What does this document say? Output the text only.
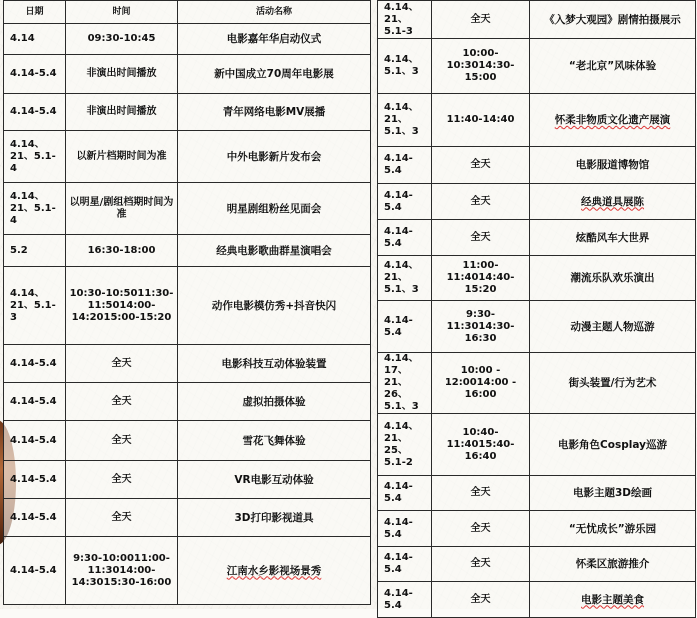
日期	时间	活动名称
4.14	09:30-10:45	电影嘉年华启动仪式
4.14-5.4	非演出时间播放	新中国成立70周年电影展
4.14-5.4	非演出时间播放	青年网络电影MV展播
4.14、21、5.1-4	以新片档期时间为准	中外电影新片发布会
4.14、21、5.1-4	以明星/剧组档期时间为准	明星剧组粉丝见面会
5.2	16:30-18:00	经典电影歌曲群星演唱会
4.14、21、5.1-3	10:30-10:5011:30-11:5014:00-14:2015:00-15:20	动作电影模仿秀+抖音快闪
4.14-5.4	全天	电影科技互动体验装置
4.14-5.4	全天	虚拟拍摄体验
4.14-5.4	全天	雪花飞舞体验
4.14-5.4	全天	VR电影互动体验
4.14-5.4	全天	3D打印影视道具
4.14-5.4	9:30-10:0011:00-11:3014:00-14:3015:30-16:00	江南水乡影视场景秀
4.14、21、5.1-3	全天	《入梦大观园》剧情拍摄展示
4.14、5.1、3	10:00-10:3014:30-15:00	“老北京”风味体验
4.14、21、5.1、3	11:40-14:40	怀柔非物质文化遗产展演
4.14-5.4	全天	电影服道博物馆
4.14-5.4	全天	经典道具展陈
4.14-5.4	全天	炫酷风车大世界
4.14、21、5.1、3	11:00-11:4014:40-15:20	潮流乐队欢乐演出
4.14-5.4	9:30-11:3014:30-16:30	动漫主题人物巡游
4.14、17、21、26、5.1、3	10:00 - 12:0014:00 - 16:00	街头装置/行为艺术
4.14、21、25、5.1-2	10:40-11:4015:40-16:40	电影角色Cosplay巡游
4.14-5.4	全天	电影主题3D绘画
4.14-5.4	全天	“无忧成长”游乐园
4.14-5.4	全天	怀柔区旅游推介
4.14-5.4	全天	电影主题美食
